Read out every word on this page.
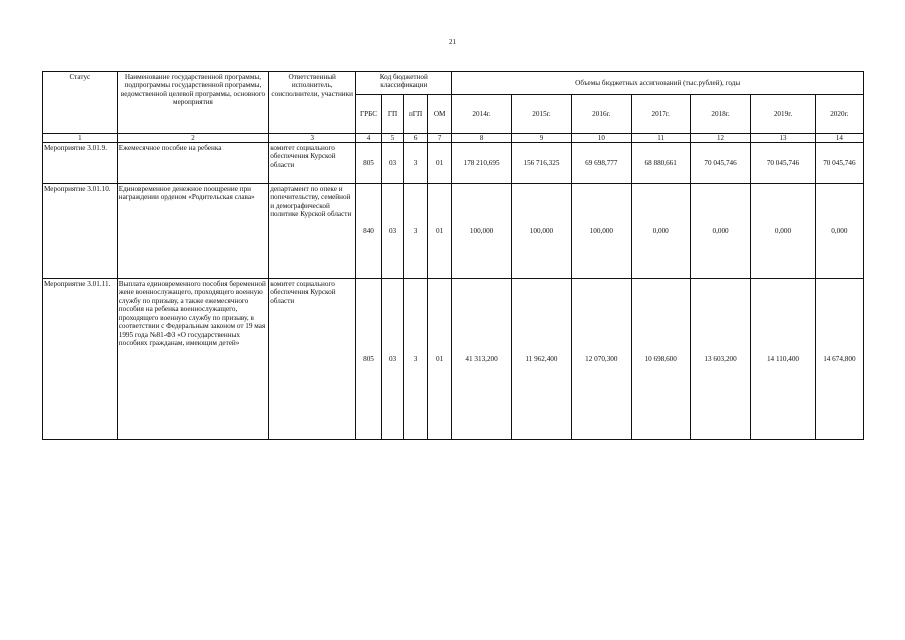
21
Статус	Наименование государственной программы, подпрограммы государственной программы, ведомственной целевой программы, основного мероприятия	Ответственный исполнитель, соисполнители, участники	Код бюджетной классификации				Объемы бюджетных ассигнований (тыс.рублей), годы						
			ГРБС	ГП	пГП	ОМ	2014г.	2015г.	2016г.	2017г.	2018г.	2019г.	2020г.
1	2	3	4	5	6	7	8	9	10	11	12	13	14
Мероприятие 3.01.9.	Ежемесячное пособие на ребенка	комитет социального обеспечения Курской области	805	03	3	01	178 210,695	156 716,325	69 698,777	68 880,661	70 045,746	70 045,746	70 045,746
Мероприятие 3.01.10.	Единовременное денежное поощрение при награждении орденом «Родительская слава»	департамент по опеке и попечительству, семейной и демографической политике Курской области	840	03	3	01	100,000	100,000	100,000	0,000	0,000	0,000	0,000
Мероприятие 3.01.11.	Выплата единовременного пособия беременной жене военнослужащего, проходящего военную службу по призыву, а также ежемесячного пособия на ребенка военнослужащего, проходящего военную службу по призыву, в соответствии с Федеральным законом от 19 мая 1995 года №81-ФЗ «О государственных пособиях гражданам, имеющим детей»	комитет социального обеспечения Курской области	805	03	3	01	41 313,200	11 962,400	12 070,300	10 698,600	13 603,200	14 110,400	14 674,800
